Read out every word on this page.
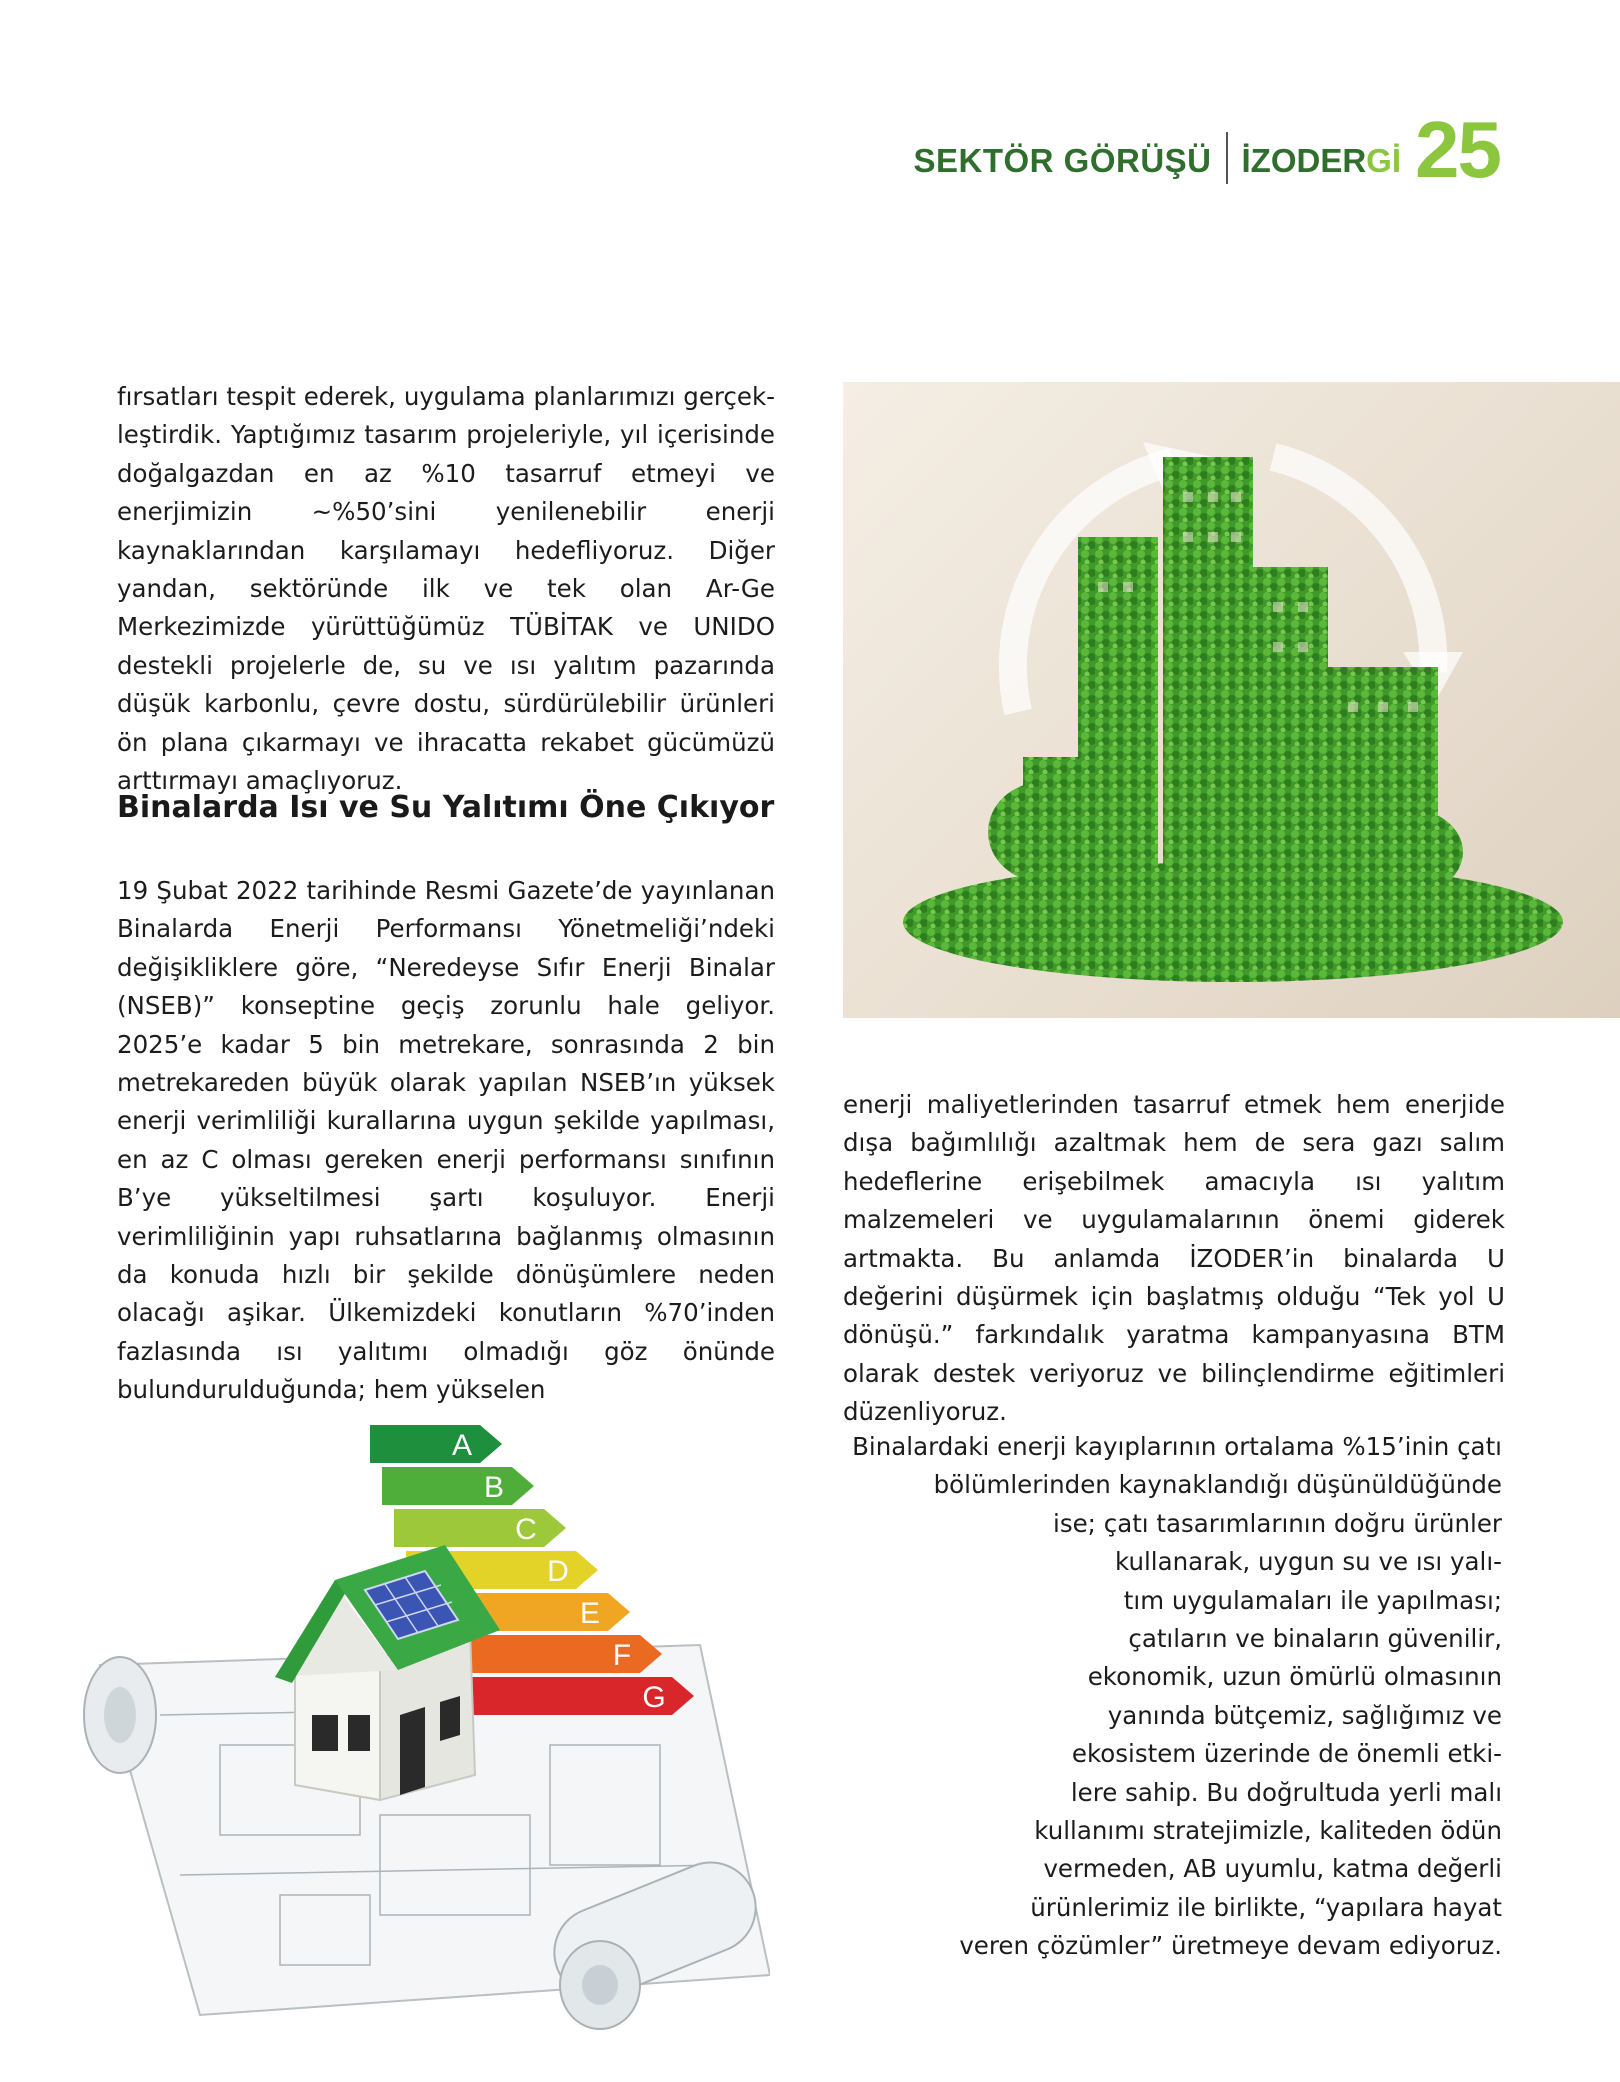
SEKTÖR GÖRÜŞÜ İZODERGİ 25

fırsatları tespit ederek, uygulama planlarımızı gerçekleştirdik. Yaptığımız tasarım projeleriyle, yıl içerisinde doğalgazdan en az %10 tasarruf etmeyi ve enerjimizin ~%50’sini yenilenebilir enerji kaynaklarından karşılamayı hedefliyoruz. Diğer yandan, sektöründe ilk ve tek olan Ar-Ge Merkezimizde yürüttüğümüz TÜBİTAK ve UNIDO destekli projelerle de, su ve ısı yalıtım pazarında düşük karbonlu, çevre dostu, sürdürülebilir ürünleri ön plana çıkarmayı ve ihracatta rekabet gücümüzü arttırmayı amaçlıyoruz.

Binalarda Isı ve Su Yalıtımı Öne Çıkıyor

19 Şubat 2022 tarihinde Resmi Gazete’de yayınlanan Binalarda Enerji Performansı Yönetmeliği’ndeki değişikliklere göre, “Neredeyse Sıfır Enerji Binalar (NSEB)” konseptine geçiş zorunlu hale geliyor. 2025’e kadar 5 bin metrekare, sonrasında 2 bin metrekareden büyük olarak yapılan NSEB’ın yüksek enerji verimliliği kurallarına uygun şekilde yapılması, en az C olması gereken enerji performansı sınıfının B’ye yükseltilmesi şartı koşuluyor. Enerji verimliliğinin yapı ruhsatlarına bağlanmış olmasının da konuda hızlı bir şekilde dönüşümlere neden olacağı aşikar. Ülkemizdeki konutların %70’inden fazlasında ısı yalıtımı olmadığı göz önünde bulundurulduğunda; hem yükselen

enerji maliyetlerinden tasarruf etmek hem enerjide dışa bağımlılığı azaltmak hem de sera gazı salım hedeflerine erişebilmek amacıyla ısı yalıtım malzemeleri ve uygulamalarının önemi giderek artmakta. Bu anlamda İZODER’in binalarda U değerini düşürmek için başlatmış olduğu “Tek yol U dönüşü.” farkındalık yaratma kampanyasına BTM olarak destek veriyoruz ve bilinçlendirme eğitimleri düzenliyoruz.

Binalardaki enerji kayıplarının ortalama %15’inin çatı
bölümlerinden kaynaklandığı düşünüldüğünde
ise; çatı tasarımlarının doğru ürünler
kullanarak, uygun su ve ısı yalı-
tım uygulamaları ile yapılması;
çatıların ve binaların güvenilir,
ekonomik, uzun ömürlü olmasının
yanında bütçemiz, sağlığımız ve
ekosistem üzerinde de önemli etki-
lere sahip. Bu doğrultuda yerli malı
kullanımı stratejimizle, kaliteden ödün
vermeden, AB uyumlu, katma değerli
ürünlerimiz ile birlikte, “yapılara hayat
veren çözümler” üretmeye devam ediyoruz.
A
B
C
D
E
F
G
